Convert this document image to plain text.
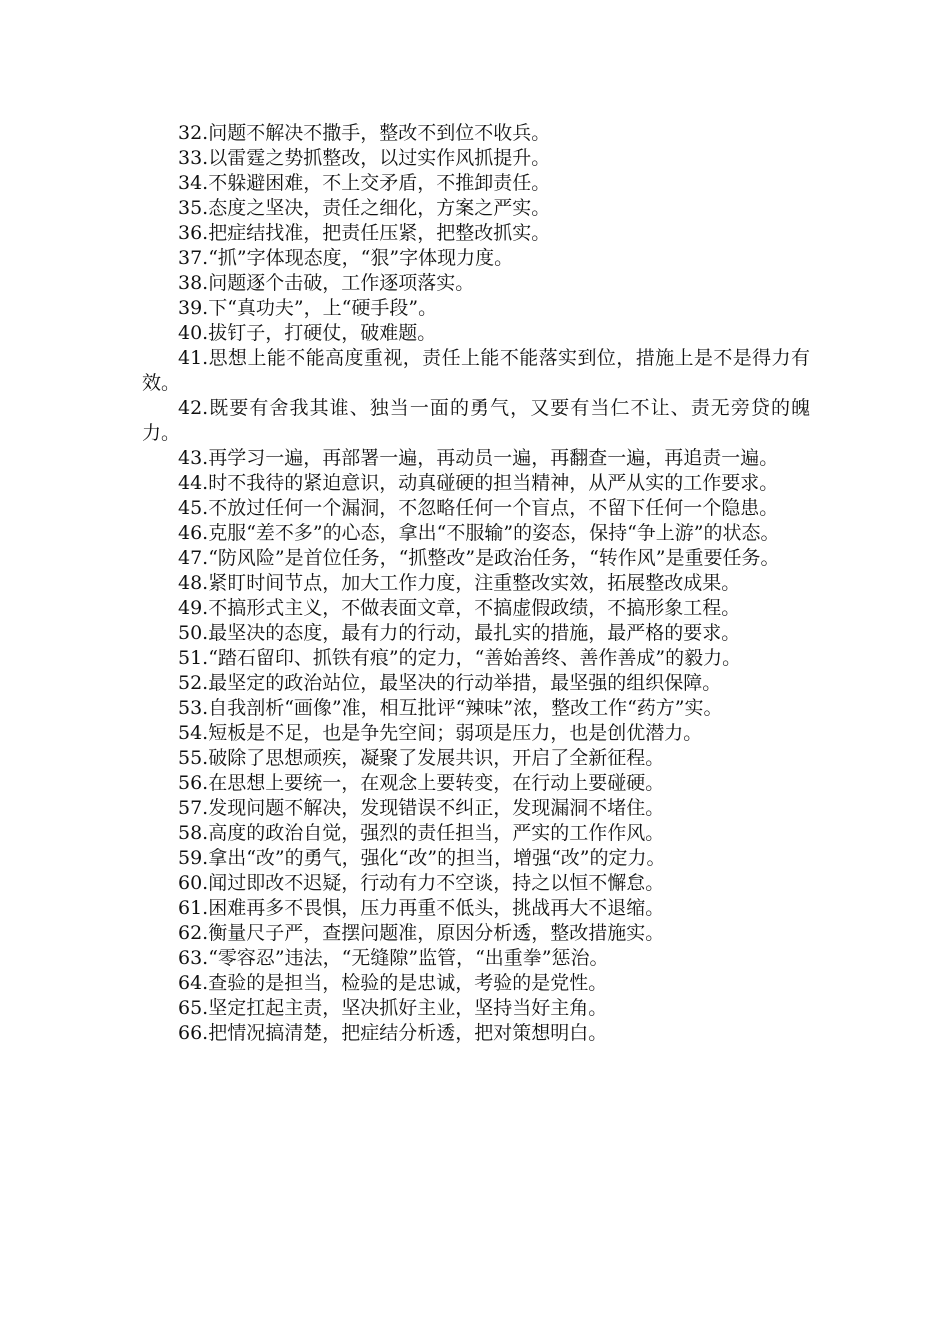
32.问题不解决不撒手，整改不到位不收兵。

33.以雷霆之势抓整改，以过实作风抓提升。

34.不躲避困难，不上交矛盾，不推卸责任。

35.态度之坚决，责任之细化，方案之严实。

36.把症结找准，把责任压紧，把整改抓实。

37.“抓”字体现态度，“狠”字体现力度。

38.问题逐个击破，工作逐项落实。

39.下“真功夫”，上“硬手段”。

40.拔钉子，打硬仗，破难题。

41.思想上能不能高度重视，责任上能不能落实到位，措施上是不是得力有效。

42.既要有舍我其谁、独当一面的勇气，又要有当仁不让、责无旁贷的魄力。

43.再学习一遍，再部署一遍，再动员一遍，再翻查一遍，再追责一遍。

44.时不我待的紧迫意识，动真碰硬的担当精神，从严从实的工作要求。

45.不放过任何一个漏洞，不忽略任何一个盲点，不留下任何一个隐患。

46.克服“差不多”的心态，拿出“不服输”的姿态，保持“争上游”的状态。

47.“防风险”是首位任务，“抓整改”是政治任务，“转作风”是重要任务。

48.紧盯时间节点，加大工作力度，注重整改实效，拓展整改成果。

49.不搞形式主义，不做表面文章，不搞虚假政绩，不搞形象工程。

50.最坚决的态度，最有力的行动，最扎实的措施，最严格的要求。

51.“踏石留印、抓铁有痕”的定力，“善始善终、善作善成”的毅力。

52.最坚定的政治站位，最坚决的行动举措，最坚强的组织保障。

53.自我剖析“画像”准，相互批评“辣味”浓，整改工作“药方”实。

54.短板是不足，也是争先空间；弱项是压力，也是创优潜力。

55.破除了思想顽疾，凝聚了发展共识，开启了全新征程。

56.在思想上要统一，在观念上要转变，在行动上要碰硬。

57.发现问题不解决，发现错误不纠正，发现漏洞不堵住。

58.高度的政治自觉，强烈的责任担当，严实的工作作风。

59.拿出“改”的勇气，强化“改”的担当，增强“改”的定力。

60.闻过即改不迟疑，行动有力不空谈，持之以恒不懈怠。

61.困难再多不畏惧，压力再重不低头，挑战再大不退缩。

62.衡量尺子严，查摆问题准，原因分析透，整改措施实。

63.“零容忍”违法，“无缝隙”监管，“出重拳”惩治。

64.查验的是担当，检验的是忠诚，考验的是党性。

65.坚定扛起主责，坚决抓好主业，坚持当好主角。

66.把情况搞清楚，把症结分析透，把对策想明白。
